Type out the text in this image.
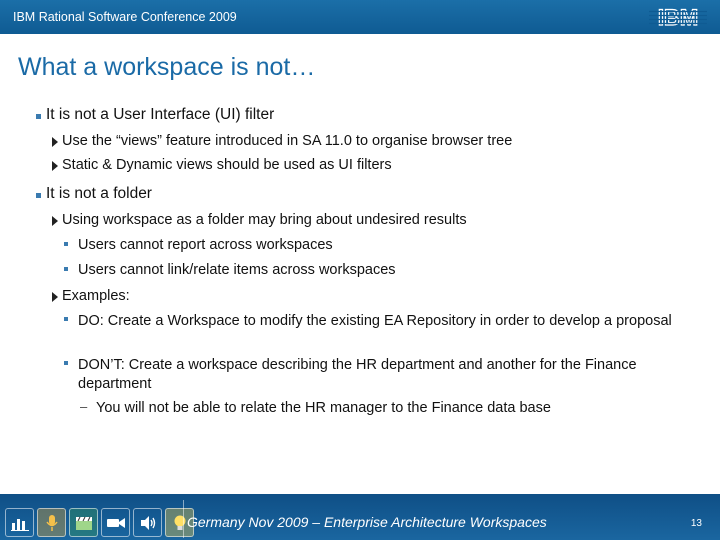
IBM Rational Software Conference 2009	IBM
What a workspace is not…
It is not a User Interface (UI) filter
Use the “views” feature introduced in SA 11.0 to organise browser tree
Static & Dynamic views should be used as UI filters
It is not a folder
Using workspace as a folder may bring about undesired results
Users cannot report across workspaces
Users cannot link/relate items across workspaces
Examples:
DO: Create a Workspace to modify the existing EA Repository in order to develop a proposal
DON’T: Create a workspace describing the HR department and another for the Finance department
– You will not be able to relate the HR manager to the Finance data base
Germany Nov 2009 – Enterprise Architecture Workspaces	13
